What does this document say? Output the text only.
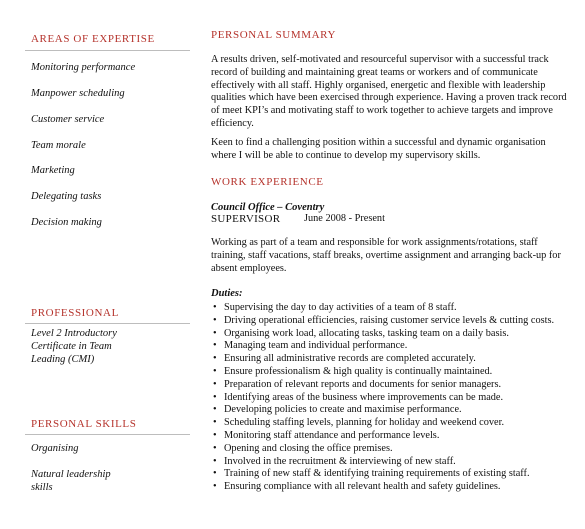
AREAS OF EXPERTISE
Monitoring performance
Manpower scheduling
Customer service
Team morale
Marketing
Delegating tasks
Decision making
PROFESSIONAL
Level 2 Introductory Certificate in Team Leading (CMI)
PERSONAL SKILLS
Organising
Natural leadership skills
PERSONAL SUMMARY
A results driven, self-motivated and resourceful supervisor with a successful track record of building and maintaining great teams or workers and of communicate effectively with all staff. Highly organised, energetic and flexible with leadership qualities which have been exercised through experience. Having a proven track record of meet KPI’s and motivating staff to work together to achieve targets and improve efficiency.
Keen to find a challenging position within a successful and dynamic organisation where I will be able to continue to develop my supervisory skills.
WORK EXPERIENCE
Council Office – Coventry
SUPERVISOR June 2008 - Present
Working as part of a team and responsible for work assignments/rotations, staff training, staff vacations, staff breaks, overtime assignment and arranging back-up for absent employees.
Duties:
• Supervising the day to day activities of a team of 8 staff.
• Driving operational efficiencies, raising customer service levels & cutting costs.
• Organising work load, allocating tasks, tasking team on a daily basis.
• Managing team and individual performance.
• Ensuring all administrative records are completed accurately.
• Ensure professionalism & high quality is continually maintained.
• Preparation of relevant reports and documents for senior managers.
• Identifying areas of the business where improvements can be made.
• Developing policies to create and maximise performance.
• Scheduling staffing levels, planning for holiday and weekend cover.
• Monitoring staff attendance and performance levels.
• Opening and closing the office premises.
• Involved in the recruitment & interviewing of new staff.
• Training of new staff & identifying training requirements of existing staff.
• Ensuring compliance with all relevant health and safety guidelines.
